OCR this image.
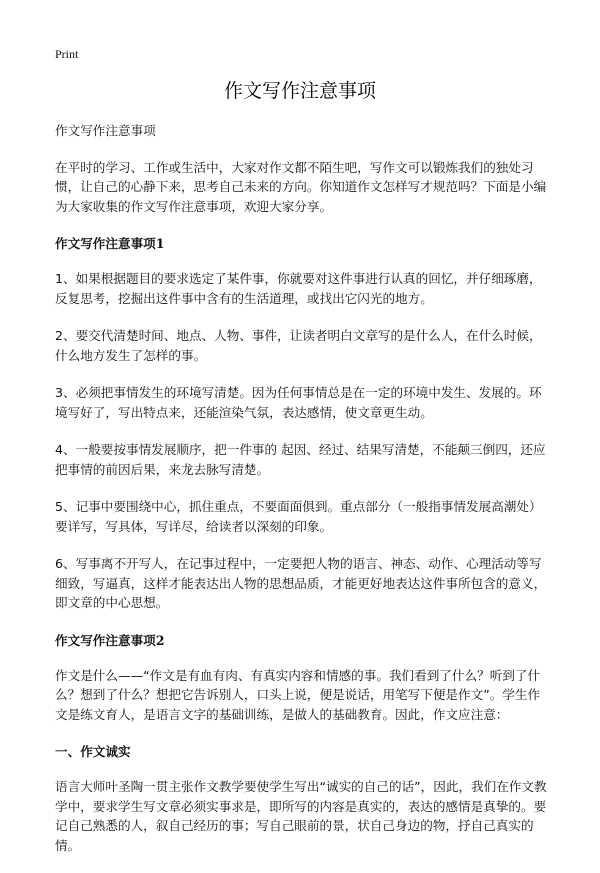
Print
作文写作注意事项

作文写作注意事项

在平时的学习、工作或生活中，大家对作文都不陌生吧，写作文可以锻炼我们的独处习惯，让自己的心静下来，思考自己未来的方向。你知道作文怎样写才规范吗？下面是小编为大家收集的作文写作注意事项，欢迎大家分享。

作文写作注意事项1

1、如果根据题目的要求选定了某件事，你就要对这件事进行认真的回忆，并仔细琢磨，反复思考，挖掘出这件事中含有的生活道理，或找出它闪光的地方。

2、要交代清楚时间、地点、人物、事件，让读者明白文章写的是什么人，在什么时候，什么地方发生了怎样的事。

3、必须把事情发生的环境写清楚。因为任何事情总是在一定的环境中发生、发展的。环境写好了，写出特点来，还能渲染气氛，表达感情，使文章更生动。

4、一般要按事情发展顺序，把一件事的 起因、经过、结果写清楚，不能颠三倒四，还应把事情的前因后果，来龙去脉写清楚。

5、记事中要围绕中心，抓住重点，不要面面俱到。重点部分（一般指事情发展高潮处）要详写，写具体，写详尽，给读者以深刻的印象。

6、写事离不开写人，在记事过程中，一定要把人物的语言、神态、动作、心理活动等写细致，写逼真，这样才能表达出人物的思想品质，才能更好地表达这件事所包含的意义，即文章的中心思想。

作文写作注意事项2

作文是什么——“作文是有血有肉、有真实内容和情感的事。我们看到了什么？听到了什么？想到了什么？想把它告诉别人，口头上说，便是说话，用笔写下便是作文”。学生作文是练文育人，是语言文字的基础训练，是做人的基础教育。因此，作文应注意：

一、作文诚实

语言大师叶圣陶一贯主张作文教学要使学生写出“诚实的自己的话”，因此，我们在作文教学中，要求学生写文章必须实事求是，即所写的内容是真实的，表达的感情是真挚的。要记自己熟悉的人，叙自己经历的事；写自己眼前的景，状自己身边的物，抒自己真实的情。
